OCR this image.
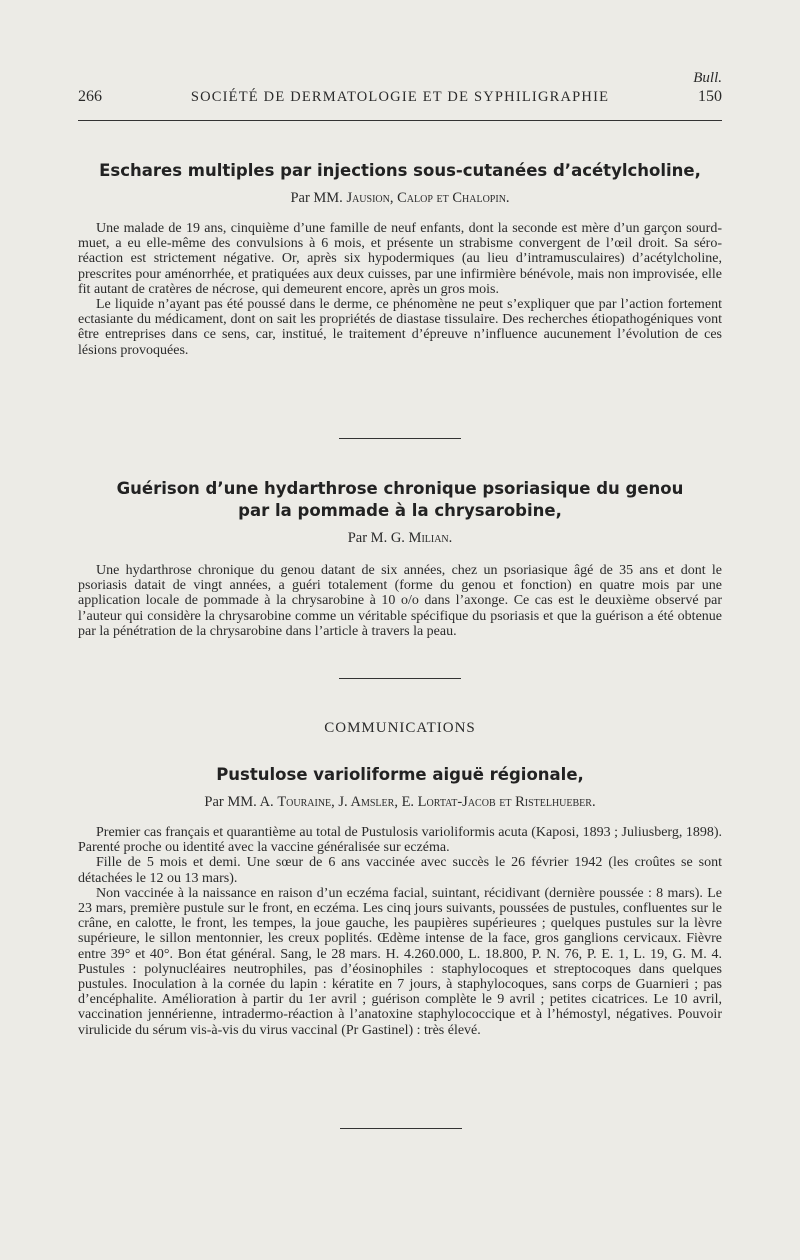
Bull.
266	SOCIÉTÉ DE DERMATOLOGIE ET DE SYPHILIGRAPHIE	150
Eschares multiples par injections sous-cutanées d’acétylcholine,
Par MM. Jausion, Calop et Chalopin.

Une malade de 19 ans, cinquième d’une famille de neuf enfants, dont la seconde est mère d’un garçon sourd-muet, a eu elle-même des convulsions à 6 mois, et présente un strabisme convergent de l’œil droit. Sa séro-réaction est strictement négative. Or, après six hypodermiques (au lieu d’intramusculaires) d’acétylcholine, prescrites pour aménorrhée, et pratiquées aux deux cuisses, par une infirmière bénévole, mais non improvisée, elle fit autant de cratères de nécrose, qui demeurent encore, après un gros mois.

Le liquide n’ayant pas été poussé dans le derme, ce phénomène ne peut s’expliquer que par l’action fortement ectasiante du médicament, dont on sait les propriétés de diastase tissulaire. Des recherches étiopathogéniques vont être entreprises dans ce sens, car, institué, le traitement d’épreuve n’influence aucunement l’évolution de ces lésions provoquées.

Guérison d’une hydarthrose chronique psoriasique du genou
par la pommade à la chrysarobine,
Par M. G. Milian.

Une hydarthrose chronique du genou datant de six années, chez un psoriasique âgé de 35 ans et dont le psoriasis datait de vingt années, a guéri totalement (forme du genou et fonction) en quatre mois par une application locale de pommade à la chrysarobine à 10 o/o dans l’axonge. Ce cas est le deuxième observé par l’auteur qui considère la chrysarobine comme un véritable spécifique du psoriasis et que la guérison a été obtenue par la pénétration de la chrysarobine dans l’article à travers la peau.

COMMUNICATIONS
Pustulose varioliforme aiguë régionale,
Par MM. A. Touraine, J. Amsler, E. Lortat-Jacob et Ristelhueber.

Premier cas français et quarantième au total de Pustulosis varioliformis acuta (Kaposi, 1893 ; Juliusberg, 1898). Parenté proche ou identité avec la vaccine généralisée sur eczéma.

Fille de 5 mois et demi. Une sœur de 6 ans vaccinée avec succès le 26 février 1942 (les croûtes se sont détachées le 12 ou 13 mars).

Non vaccinée à la naissance en raison d’un eczéma facial, suintant, récidivant (dernière poussée : 8 mars). Le 23 mars, première pustule sur le front, en eczéma. Les cinq jours suivants, poussées de pustules, confluentes sur le crâne, en calotte, le front, les tempes, la joue gauche, les paupières supérieures ; quelques pustules sur la lèvre supérieure, le sillon mentonnier, les creux poplités. Œdème intense de la face, gros ganglions cervicaux. Fièvre entre 39° et 40°. Bon état général. Sang, le 28 mars. H. 4.260.000, L. 18.800, P. N. 76, P. E. 1, L. 19, G. M. 4. Pustules : polynucléaires neutrophiles, pas d’éosinophiles : staphylocoques et streptocoques dans quelques pustules. Inoculation à la cornée du lapin : kératite en 7 jours, à staphylocoques, sans corps de Guarnieri ; pas d’encéphalite. Amélioration à partir du 1er avril ; guérison complète le 9 avril ; petites cicatrices. Le 10 avril, vaccination jennérienne, intradermo-réaction à l’anatoxine staphylococcique et à l’hémostyl, négatives. Pouvoir virulicide du sérum vis-à-vis du virus vaccinal (Pr Gastinel) : très élevé.
